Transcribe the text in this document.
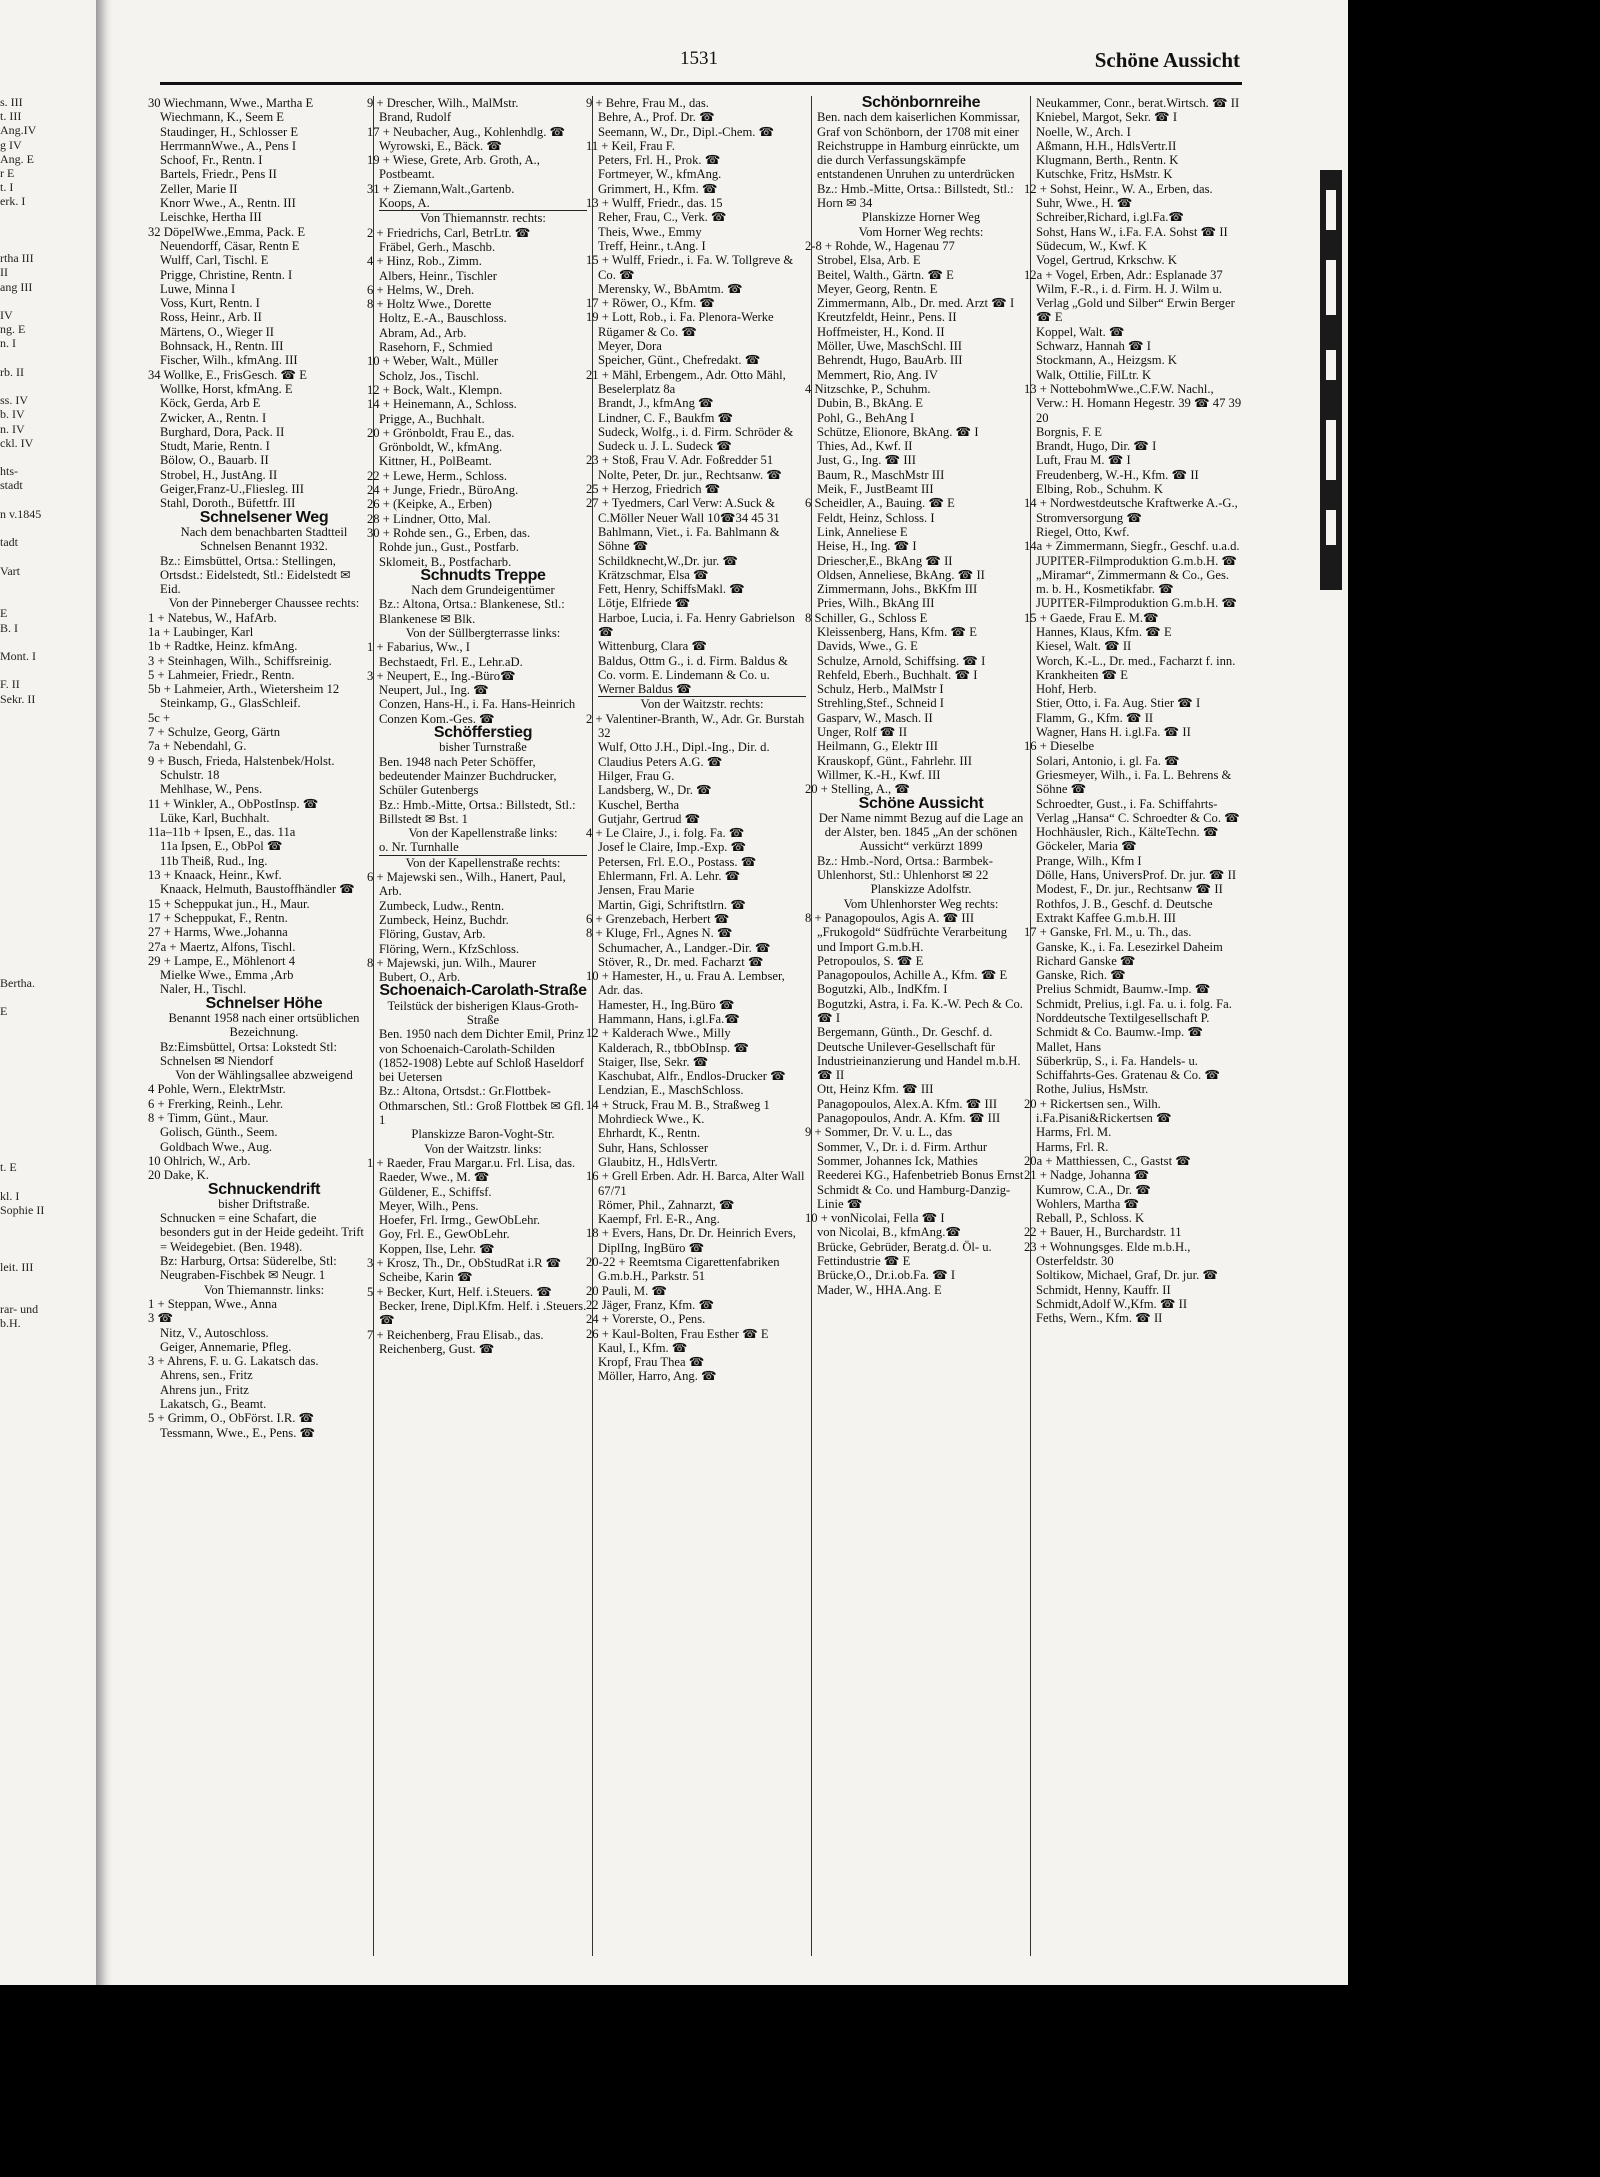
s. III
t. III
Ang.IV
g IV
Ang. E
r E
t. I
erk. I

rtha III
II
ang III

IV
ng. E
n. I

rb. II

ss. IV
b. IV
n. IV
ckl. IV

hts-
stadt

n v.1845

tadt

Vart

E
B. I

Mont. I

F. II
Sekr. II

Bertha.

E

t. E

kl. I
Sophie II

leit. III

rar- und
b.H.
1531	Schöne Aussicht

30 Wiechmann, Wwe., Martha E

Wiechmann, K., Seem E

Staudinger, H., Schlosser E

HerrmannWwe., A., Pens I

Schoof, Fr., Rentn. I

Bartels, Friedr., Pens II

Zeller, Marie II

Knorr Wwe., A., Rentn. III

Leischke, Hertha III

32 DöpelWwe.,Emma, Pack. E

Neuendorff, Cäsar, Rentn E

Wulff, Carl, Tischl. E

Prigge, Christine, Rentn. I

Luwe, Minna I

Voss, Kurt, Rentn. I

Ross, Heinr., Arb. II

Märtens, O., Wieger II

Bohnsack, H., Rentn. III

Fischer, Wilh., kfmAng. III

34 Wollke, E., FrisGesch. ☎ E

Wollke, Horst, kfmAng. E

Köck, Gerda, Arb E

Zwicker, A., Rentn. I

Burghard, Dora, Pack. II

Studt, Marie, Rentn. I

Bölow, O., Bauarb. II

Strobel, H., JustAng. II

Geiger,Franz-U.,Fliesleg. III

Stahl, Doroth., Büfettfr. III

Schnelsener Weg

Nach dem benachbarten Stadtteil Schnelsen Benannt 1932.

Bz.: Eimsbüttel, Ortsa.: Stellingen, Ortsdst.: Eidelstedt, Stl.: Eidelstedt ✉ Eid.

Von der Pinneberger Chaussee rechts:

1 + Natebus, W., HafArb.

1a + Laubinger, Karl

1b + Radtke, Heinz. kfmAng.

3 + Steinhagen, Wilh., Schiffsreinig.

5 + Lahmeier, Friedr., Rentn.

5b + Lahmeier, Arth., Wietersheim 12

Steinkamp, G., GlasSchleif.

5c +

7 + Schulze, Georg, Gärtn

7a + Nebendahl, G.

9 + Busch, Frieda, Halstenbek/Holst. Schulstr. 18

Mehlhase, W., Pens.

11 + Winkler, A., ObPostInsp. ☎

Lüke, Karl, Buchhalt.

11a–11b + Ipsen, E., das. 11a

11a Ipsen, E., ObPol ☎

11b Theiß, Rud., Ing.

13 + Knaack, Heinr., Kwf.

Knaack, Helmuth, Baustoffhändler ☎

15 + Scheppukat jun., H., Maur.

17 + Scheppukat, F., Rentn.

27 + Harms, Wwe.,Johanna

27a + Maertz, Alfons, Tischl.

29 + Lampe, E., Möhlenort 4

Mielke Wwe., Emma ,Arb

Naler, H., Tischl.

Schnelser Höhe

Benannt 1958 nach einer ortsüblichen Bezeichnung.

Bz:Eimsbüttel, Ortsa: Lokstedt Stl: Schnelsen ✉ Niendorf

Von der Wählingsallee abzweigend

4 Pohle, Wern., ElektrMstr.

6 + Frerking, Reinh., Lehr.

8 + Timm, Günt., Maur.

Golisch, Günth., Seem.

Goldbach Wwe., Aug.

10 Ohlrich, W., Arb.

20 Dake, K.

Schnuckendrift

bisher Driftstraße.

Schnucken = eine Schafart, die besonders gut in der Heide gedeiht. Trift = Weidegebiet. (Ben. 1948).

Bz: Harburg, Ortsa: Süderelbe, Stl: Neugraben-Fischbek ✉ Neugr. 1

Von Thiemannstr. links:

1 + Steppan, Wwe., Anna

3 ☎

Nitz, V., Autoschloss.

Geiger, Annemarie, Pfleg.

3 + Ahrens, F. u. G. Lakatsch das.

Ahrens, sen., Fritz

Ahrens jun., Fritz

Lakatsch, G., Beamt.

5 + Grimm, O., ObFörst. I.R. ☎

Tessmann, Wwe., E., Pens. ☎

9 + Drescher, Wilh., MalMstr.

Brand, Rudolf

17 + Neubacher, Aug., Kohlenhdlg. ☎

Wyrowski, E., Bäck. ☎

19 + Wiese, Grete, Arb. Groth, A., Postbeamt.

31 + Ziemann,Walt.,Gartenb.

Koops, A.

Von Thiemannstr. rechts:

2 + Friedrichs, Carl, BetrLtr. ☎

Fräbel, Gerh., Maschb.

4 + Hinz, Rob., Zimm.

Albers, Heinr., Tischler

6 + Helms, W., Dreh.

8 + Holtz Wwe., Dorette

Holtz, E.-A., Bauschloss.

Abram, Ad., Arb.

Rasehorn, F., Schmied

10 + Weber, Walt., Müller

Scholz, Jos., Tischl.

12 + Bock, Walt., Klempn.

14 + Heinemann, A., Schloss.

Prigge, A., Buchhalt.

20 + Grönboldt, Frau E., das.

Grönboldt, W., kfmAng.

Kittner, H., PolBeamt.

22 + Lewe, Herm., Schloss.

24 + Junge, Friedr., BüroAng.

26 + (Keipke, A., Erben)

28 + Lindner, Otto, Mal.

30 + Rohde sen., G., Erben, das.

Rohde jun., Gust., Postfarb.

Sklomeit, B., Postfacharb.

Schnudts Treppe

Nach dem Grundeigentümer

Bz.: Altona, Ortsa.: Blankenese, Stl.: Blankenese ✉ Blk.

Von der Süllbergterrasse links:

1 + Fabarius, Ww., I

Bechstaedt, Frl. E., Lehr.aD.

3 + Neupert, E., Ing.-Büro☎

Neupert, Jul., Ing. ☎

Conzen, Hans-H., i. Fa. Hans-Heinrich Conzen Kom.-Ges. ☎

Schöfferstieg

bisher Turnstraße

Ben. 1948 nach Peter Schöffer, bedeutender Mainzer Buchdrucker, Schüler Gutenbergs

Bz.: Hmb.-Mitte, Ortsa.: Billstedt, Stl.: Billstedt ✉ Bst. 1

Von der Kapellenstraße links:

o. Nr. Turnhalle

Von der Kapellenstraße rechts:

6 + Majewski sen., Wilh., Hanert, Paul, Arb.

Zumbeck, Ludw., Rentn.

Zumbeck, Heinz, Buchdr.

Flöring, Gustav, Arb.

Flöring, Wern., KfzSchloss.

8 + Majewski, jun. Wilh., Maurer

Bubert, O., Arb.

Schoenaich-Carolath-Straße

Teilstück der bisherigen Klaus-Groth-Straße

Ben. 1950 nach dem Dichter Emil, Prinz von Schoenaich-Carolath-Schilden (1852-1908) Lebte auf Schloß Haseldorf bei Uetersen

Bz.: Altona, Ortsdst.: Gr.Flottbek-Othmarschen, Stl.: Groß Flottbek ✉ Gfl. 1

Planskizze Baron-Voght-Str.

Von der Waitzstr. links:

1 + Raeder, Frau Margar.u. Frl. Lisa, das.

Raeder, Wwe., M. ☎

Güldener, E., Schiffsf.

Meyer, Wilh., Pens.

Hoefer, Frl. Irmg., GewObLehr.

Goy, Frl. E., GewObLehr.

Koppen, Ilse, Lehr. ☎

3 + Krosz, Th., Dr., ObStudRat i.R ☎

Scheibe, Karin ☎

5 + Becker, Kurt, Helf. i.Steuers. ☎

Becker, Irene, Dipl.Kfm. Helf. i .Steuers. ☎

7 + Reichenberg, Frau Elisab., das.

Reichenberg, Gust. ☎

9 + Behre, Frau M., das.

Behre, A., Prof. Dr. ☎

Seemann, W., Dr., Dipl.-Chem. ☎

11 + Keil, Frau F.

Peters, Frl. H., Prok. ☎

Fortmeyer, W., kfmAng.

Grimmert, H., Kfm. ☎

13 + Wulff, Friedr., das. 15

Reher, Frau, C., Verk. ☎

Theis, Wwe., Emmy

Treff, Heinr., t.Ang. I

15 + Wulff, Friedr., i. Fa. W. Tollgreve & Co. ☎

Merensky, W., BbAmtm. ☎

17 + Röwer, O., Kfm. ☎

19 + Lott, Rob., i. Fa. Plenora-Werke Rügamer & Co. ☎

Meyer, Dora

Speicher, Günt., Chefredakt. ☎

21 + Mähl, Erbengem., Adr. Otto Mähl, Beselerplatz 8a

Brandt, J., kfmAng ☎

Lindner, C. F., Baukfm ☎

Sudeck, Wolfg., i. d. Firm. Schröder & Sudeck u. J. L. Sudeck ☎

23 + Stoß, Frau V. Adr. Foßredder 51

Nolte, Peter, Dr. jur., Rechtsanw. ☎

25 + Herzog, Friedrich ☎

27 + Tyedmers, Carl Verw: A.Suck & C.Möller Neuer Wall 10☎34 45 31

Bahlmann, Viet., i. Fa. Bahlmann & Söhne ☎

Schildknecht,W.,Dr. jur. ☎

Krätzschmar, Elsa ☎

Fett, Henry, SchiffsMakl. ☎

Lötje, Elfriede ☎

Harboe, Lucia, i. Fa. Henry Gabrielson ☎

Wittenburg, Clara ☎

Baldus, Ottm G., i. d. Firm. Baldus & Co. vorm. E. Lindemann & Co. u. Werner Baldus ☎

Von der Waitzstr. rechts:

2 + Valentiner-Branth, W., Adr. Gr. Burstah 32

Wulf, Otto J.H., Dipl.-Ing., Dir. d. Claudius Peters A.G. ☎

Hilger, Frau G.

Landsberg, W., Dr. ☎

Kuschel, Bertha

Gutjahr, Gertrud ☎

4 + Le Claire, J., i. folg. Fa. ☎

Josef le Claire, Imp.-Exp. ☎

Petersen, Frl. E.O., Postass. ☎

Ehlermann, Frl. A. Lehr. ☎

Jensen, Frau Marie

Martin, Gigi, Schriftstlrn. ☎

6 + Grenzebach, Herbert ☎

8 + Kluge, Frl., Agnes N. ☎

Schumacher, A., Landger.-Dir. ☎

Stöver, R., Dr. med. Facharzt ☎

10 + Hamester, H., u. Frau A. Lembser, Adr. das.

Hamester, H., Ing.Büro ☎

Hammann, Hans, i.gl.Fa.☎

12 + Kalderach Wwe., Milly

Kalderach, R., tbbObInsp. ☎

Staiger, Ilse, Sekr. ☎

Kaschubat, Alfr., Endlos-Drucker ☎

Lendzian, E., MaschSchloss.

14 + Struck, Frau M. B., Straßweg 1

Mohrdieck Wwe., K.

Ehrhardt, K., Rentn.

Suhr, Hans, Schlosser

Glaubitz, H., HdlsVertr.

16 + Grell Erben. Adr. H. Barca, Alter Wall 67/71

Römer, Phil., Zahnarzt, ☎

Kaempf, Frl. E-R., Ang.

18 + Evers, Hans, Dr. Dr. Heinrich Evers, DiplIng, IngBüro ☎

20-22 + Reemtsma Cigarettenfabriken G.m.b.H., Parkstr. 51

20 Pauli, M. ☎

22 Jäger, Franz, Kfm. ☎

24 + Vorerste, O., Pens.

26 + Kaul-Bolten, Frau Esther ☎ E

Kaul, I., Kfm. ☎

Kropf, Frau Thea ☎

Möller, Harro, Ang. ☎

Schönbornreihe

Ben. nach dem kaiserlichen Kommissar, Graf von Schönborn, der 1708 mit einer Reichstruppe in Hamburg einrückte, um die durch Verfassungskämpfe entstandenen Unruhen zu unterdrücken

Bz.: Hmb.-Mitte, Ortsa.: Billstedt, Stl.: Horn ✉ 34

Planskizze Horner Weg

Vom Horner Weg rechts:

2-8 + Rohde, W., Hagenau 77

Strobel, Elsa, Arb. E

Beitel, Walth., Gärtn. ☎ E

Meyer, Georg, Rentn. E

Zimmermann, Alb., Dr. med. Arzt ☎ I

Kreutzfeldt, Heinr., Pens. II

Hoffmeister, H., Kond. II

Möller, Uwe, MaschSchl. III

Behrendt, Hugo, BauArb. III

Memmert, Rio, Ang. IV

4 Nitzschke, P., Schuhm.

Dubin, B., BkAng. E

Pohl, G., BehAng I

Schütze, Elionore, BkAng. ☎ I

Thies, Ad., Kwf. II

Just, G., Ing. ☎ III

Baum, R., MaschMstr III

Meik, F., JustBeamt III

6 Scheidler, A., Bauing. ☎ E

Feldt, Heinz, Schloss. I

Link, Anneliese E

Heise, H., Ing. ☎ I

Driescher,E., BkAng ☎ II

Oldsen, Anneliese, BkAng. ☎ II

Zimmermann, Johs., BkKfm III

Pries, Wilh., BkAng III

8 Schiller, G., Schloss E

Kleissenberg, Hans, Kfm. ☎ E

Davids, Wwe., G. E

Schulze, Arnold, Schiffsing. ☎ I

Rehfeld, Eberh., Buchhalt. ☎ I

Schulz, Herb., MalMstr I

Strehling,Stef., Schneid I

Gasparv, W., Masch. II

Unger, Rolf ☎ II

Heilmann, G., Elektr III

Krauskopf, Günt., Fahrlehr. III

Willmer, K.-H., Kwf. III

20 + Stelling, A., ☎

Schöne Aussicht

Der Name nimmt Bezug auf die Lage an der Alster, ben. 1845 „An der schönen Aussicht“ verkürzt 1899

Bz.: Hmb.-Nord, Ortsa.: Barmbek-Uhlenhorst, Stl.: Uhlenhorst ✉ 22

Planskizze Adolfstr.

Vom Uhlenhorster Weg rechts:

8 + Panagopoulos, Agis A. ☎ III

„Frukogold“ Südfrüchte Verarbeitung und Import G.m.b.H.

Petropoulos, S. ☎ E

Panagopoulos, Achille A., Kfm. ☎ E

Bogutzki, Alb., IndKfm. I

Bogutzki, Astra, i. Fa. K.-W. Pech & Co. ☎ I

Bergemann, Günth., Dr. Geschf. d. Deutsche Unilever-Gesellschaft für Industrieinanzierung und Handel m.b.H. ☎ II

Ott, Heinz Kfm. ☎ III

Panagopoulos, Alex.A. Kfm. ☎ III

Panagopoulos, Andr. A. Kfm. ☎ III

9 + Sommer, Dr. V. u. L., das

Sommer, V., Dr. i. d. Firm. Arthur Sommer, Johannes Ick, Mathies Reederei KG., Hafenbetrieb Bonus Ernst Schmidt & Co. und Hamburg-Danzig-Linie ☎

10 + vonNicolai, Fella ☎ I

von Nicolai, B., kfmAng.☎

Brücke, Gebrüder, Beratg.d. Öl- u. Fettindustrie ☎ E

Brücke,O., Dr.i.ob.Fa. ☎ I

Mader, W., HHA.Ang. E

Neukammer, Conr., berat.Wirtsch. ☎ II

Kniebel, Margot, Sekr. ☎ I

Noelle, W., Arch. I

Aßmann, H.H., HdlsVertr.II

Klugmann, Berth., Rentn. K

Kutschke, Fritz, HsMstr. K

12 + Sohst, Heinr., W. A., Erben, das.

Suhr, Wwe., H. ☎

Schreiber,Richard, i.gl.Fa.☎

Sohst, Hans W., i.Fa. F.A. Sohst ☎ II

Südecum, W., Kwf. K

Vogel, Gertrud, Krkschw. K

12a + Vogel, Erben, Adr.: Esplanade 37

Wilm, F.-R., i. d. Firm. H. J. Wilm u. Verlag „Gold und Silber“ Erwin Berger ☎ E

Koppel, Walt. ☎

Schwarz, Hannah ☎ I

Stockmann, A., Heizgsm. K

Walk, Ottilie, FilLtr. K

13 + NottebohmWwe.,C.F.W. Nachl., Verw.: H. Homann Hegestr. 39 ☎ 47 39 20

Borgnis, F. E

Brandt, Hugo, Dir. ☎ I

Luft, Frau M. ☎ I

Freudenberg, W.-H., Kfm. ☎ II

Elbing, Rob., Schuhm. K

14 + Nordwestdeutsche Kraftwerke A.-G., Stromversorgung ☎

Riegel, Otto, Kwf.

14a + Zimmermann, Siegfr., Geschf. u.a.d. JUPITER-Filmproduktion G.m.b.H. ☎

„Miramar“, Zimmermann & Co., Ges. m. b. H., Kosmetikfabr. ☎

JUPITER-Filmproduktion G.m.b.H. ☎

15 + Gaede, Frau E. M.☎

Hannes, Klaus, Kfm. ☎ E

Kiesel, Walt. ☎ II

Worch, K.-L., Dr. med., Facharzt f. inn. Krankheiten ☎ E

Hohf, Herb.

Stier, Otto, i. Fa. Aug. Stier ☎ I

Flamm, G., Kfm. ☎ II

Wagner, Hans H. i.gl.Fa. ☎ II

16 + Dieselbe

Solari, Antonio, i. gl. Fa. ☎

Griesmeyer, Wilh., i. Fa. L. Behrens & Söhne ☎

Schroedter, Gust., i. Fa. Schiffahrts-Verlag „Hansa“ C. Schroedter & Co. ☎

Hochhäusler, Rich., KälteTechn. ☎

Göckeler, Maria ☎

Prange, Wilh., Kfm I

Dölle, Hans, UniversProf. Dr. jur. ☎ II

Modest, F., Dr. jur., Rechtsanw ☎ II

Rothfos, J. B., Geschf. d. Deutsche Extrakt Kaffee G.m.b.H. III

17 + Ganske, Frl. M., u. Th., das.

Ganske, K., i. Fa. Lesezirkel Daheim Richard Ganske ☎

Ganske, Rich. ☎

Prelius Schmidt, Baumw.-Imp. ☎

Schmidt, Prelius, i.gl. Fa. u. i. folg. Fa.

Norddeutsche Textilgesellschaft P. Schmidt & Co. Baumw.-Imp. ☎

Mallet, Hans

Süberkrüp, S., i. Fa. Handels- u. Schiffahrts-Ges. Gratenau & Co. ☎

Rothe, Julius, HsMstr.

20 + Rickertsen sen., Wilh. i.Fa.Pisani&Rickertsen ☎

Harms, Frl. M.

Harms, Frl. R.

20a + Matthiessen, C., Gastst ☎

21 + Nadge, Johanna ☎

Kumrow, C.A., Dr. ☎

Wohlers, Martha ☎

Reball, P., Schloss. K

22 + Bauer, H., Burchardstr. 11

23 + Wohnungsges. Elde m.b.H., Osterfeldstr. 30

Soltikow, Michael, Graf, Dr. jur. ☎

Schmidt, Henny, Kauffr. II

Schmidt,Adolf W.,Kfm. ☎ II

Feths, Wern., Kfm. ☎ II
